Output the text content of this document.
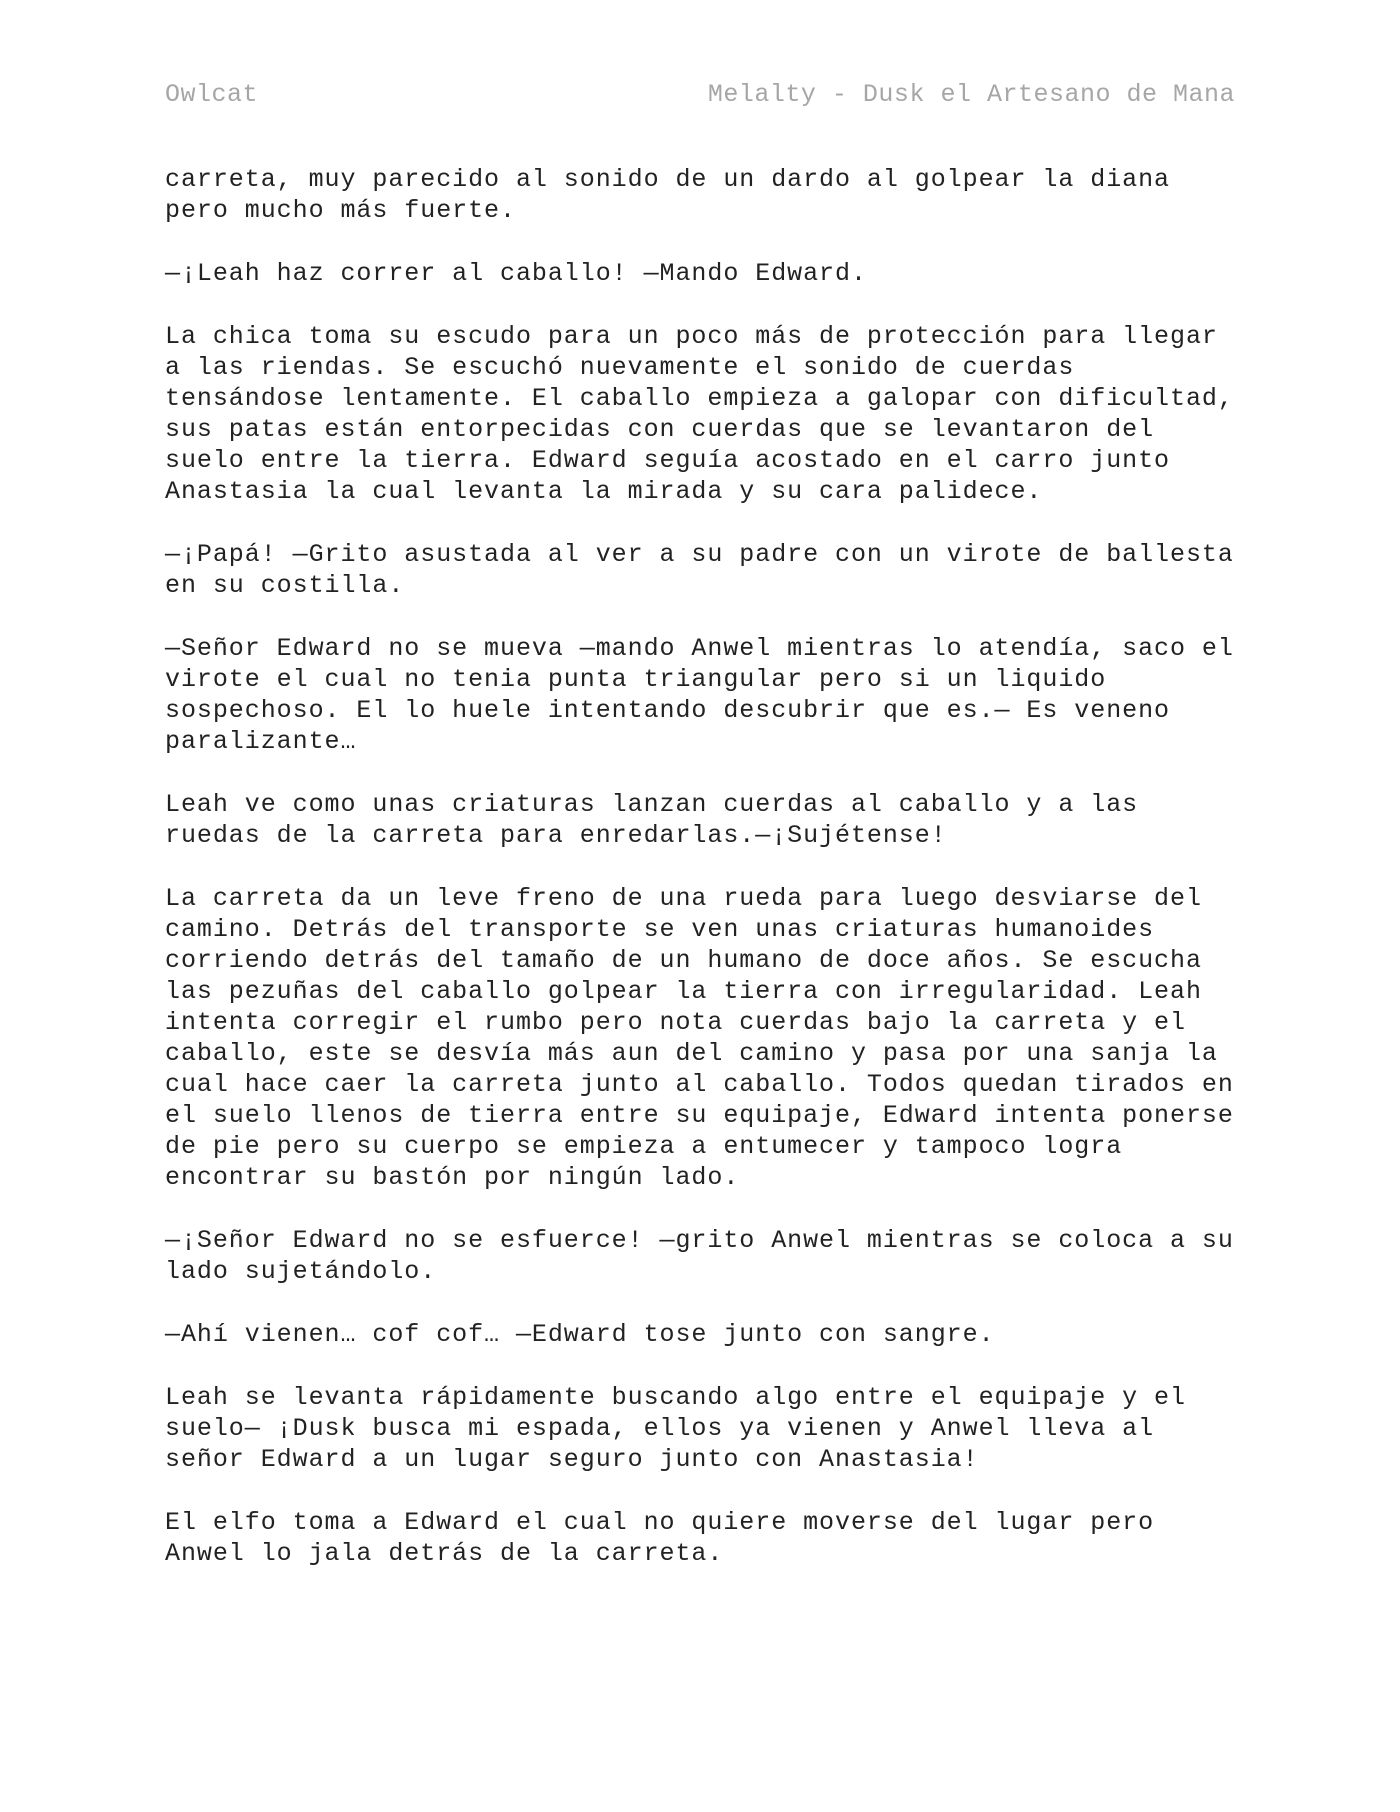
Owlcat	Melalty - Dusk el Artesano de Mana

carreta, muy parecido al sonido de un dardo al golpear la diana pero mucho más fuerte.

—¡Leah haz correr al caballo! —Mando Edward.

La chica toma su escudo para un poco más de protección para llegar a las riendas. Se escuchó nuevamente el sonido de cuerdas tensándose lentamente. El caballo empieza a galopar con dificultad, sus patas están entorpecidas con cuerdas que se levantaron del suelo entre la tierra. Edward seguía acostado en el carro junto Anastasia la cual levanta la mirada y su cara palidece.

—¡Papá! —Grito asustada al ver a su padre con un virote de ballesta en su costilla.

—Señor Edward no se mueva —mando Anwel mientras lo atendía, saco el virote el cual no tenia punta triangular pero si un liquido sospechoso. El lo huele intentando descubrir que es.— Es veneno paralizante…

Leah ve como unas criaturas lanzan cuerdas al caballo y a las ruedas de la carreta para enredarlas.—¡Sujétense!

La carreta da un leve freno de una rueda para luego desviarse del camino. Detrás del transporte se ven unas criaturas humanoides corriendo detrás del tamaño de un humano de doce años. Se escucha las pezuñas del caballo golpear la tierra con irregularidad. Leah intenta corregir el rumbo pero nota cuerdas bajo la carreta y el caballo, este se desvía más aun del camino y pasa por una sanja la cual hace caer la carreta junto al caballo. Todos quedan tirados en el suelo llenos de tierra entre su equipaje, Edward intenta ponerse de pie pero su cuerpo se empieza a entumecer y tampoco logra encontrar su bastón por ningún lado.

—¡Señor Edward no se esfuerce! —grito Anwel mientras se coloca a su lado sujetándolo.

—Ahí vienen… cof cof… —Edward tose junto con sangre.

Leah se levanta rápidamente buscando algo entre el equipaje y el suelo— ¡Dusk busca mi espada, ellos ya vienen y Anwel lleva al señor Edward a un lugar seguro junto con Anastasia!

El elfo toma a Edward el cual no quiere moverse del lugar pero Anwel lo jala detrás de la carreta.
